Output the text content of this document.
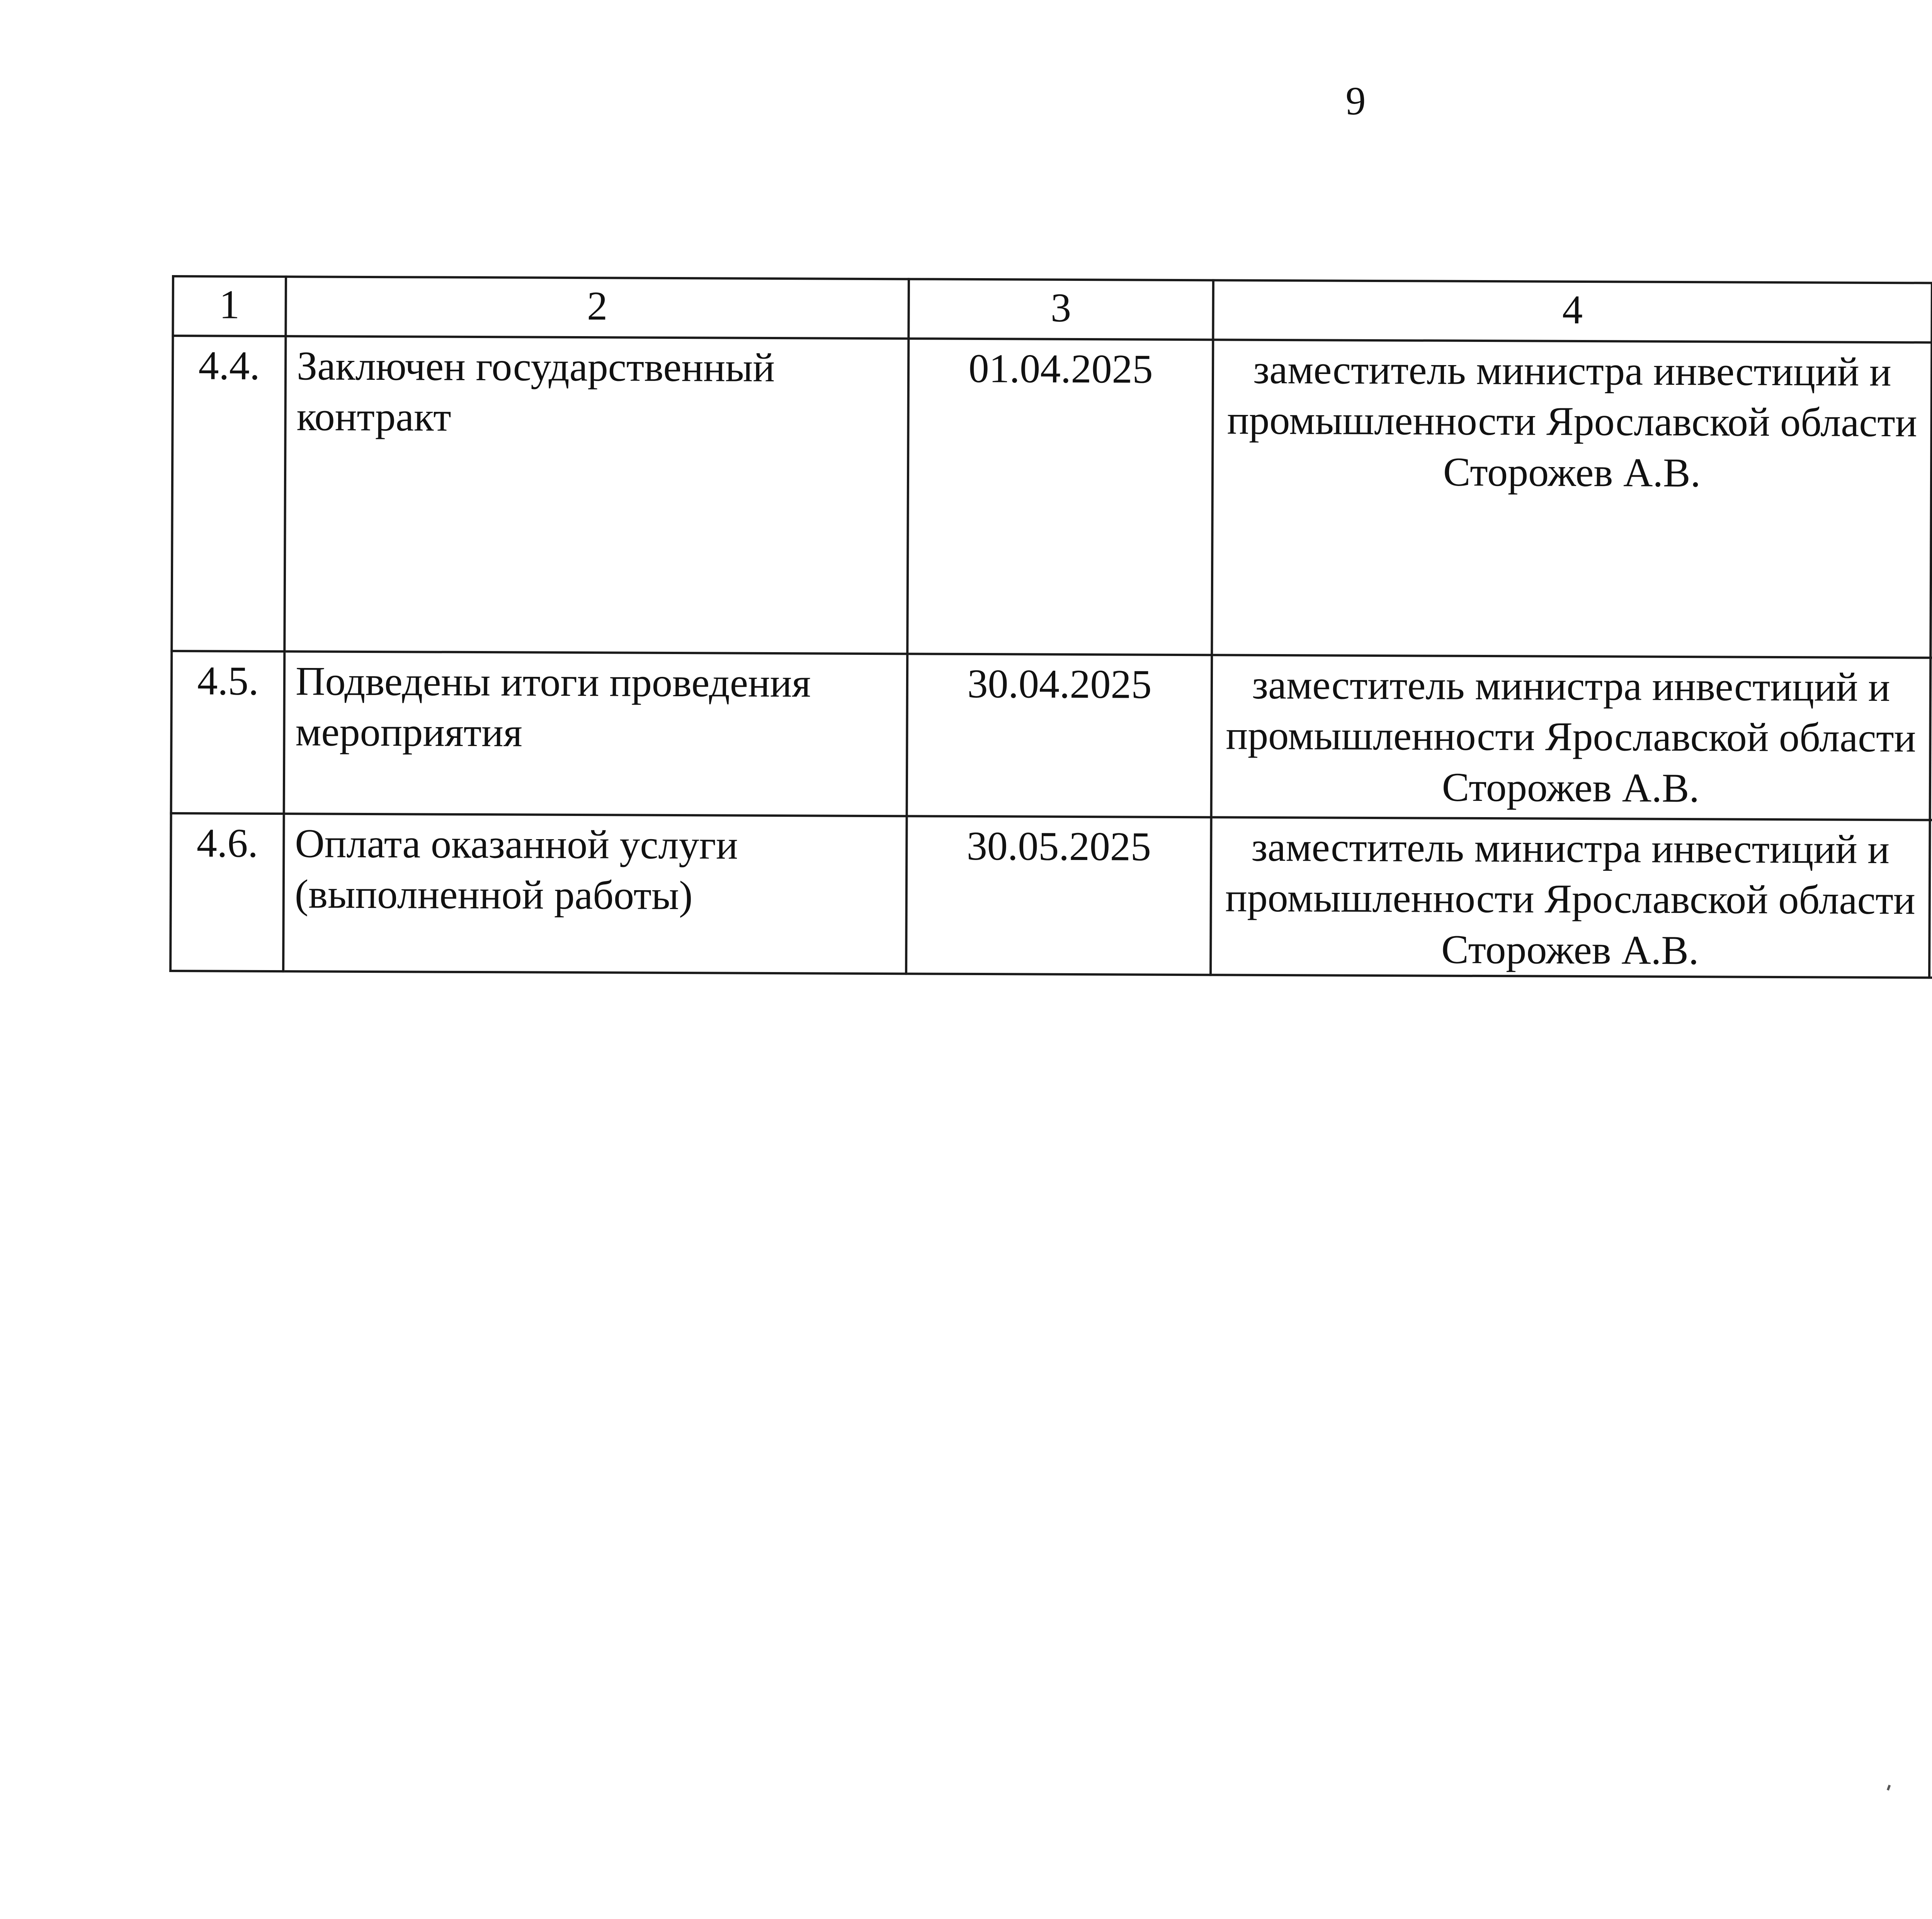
9
1	2	3	4		
4.4.	Заключен государственный контракт	01.04.2025	заместитель министра инвестиций и промышленности Ярославской области Сторожев А.В.		
4.5.	Подведены итоги проведения мероприятия	30.04.2025	заместитель министра инвестиций и промышленности Ярославской области Сторожев А.В.		
4.6.	Оплата оказанной услуги (выполненной работы)	30.05.2025	заместитель министра инвестиций и промышленности Ярославской области Сторожев А.В.		
